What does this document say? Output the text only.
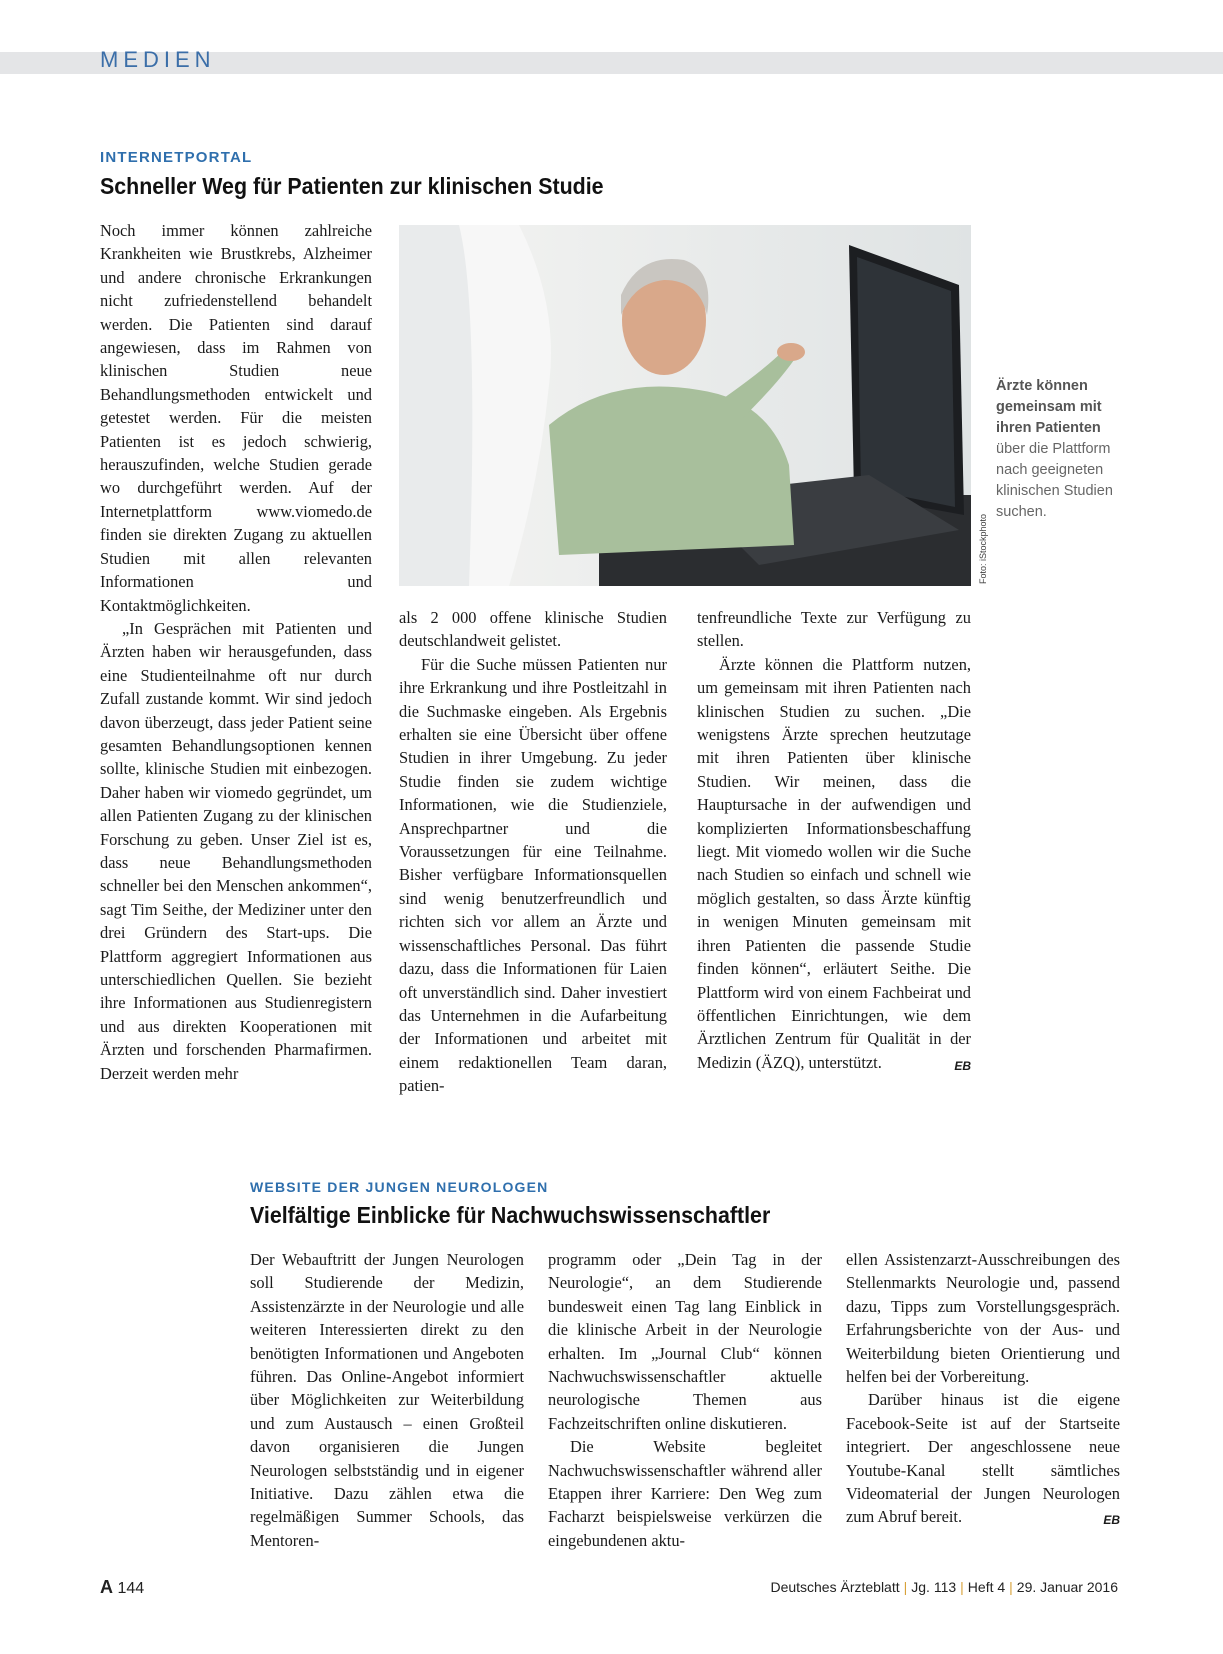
MEDIEN
INTERNETPORTAL
Schneller Weg für Patienten zur klinischen Studie

Noch immer können zahlreiche Krankheiten wie Brustkrebs, Alzheimer und andere chronische Erkrankungen nicht zufriedenstellend behandelt werden. Die Patienten sind darauf angewiesen, dass im Rahmen von klinischen Studien neue Behandlungsmethoden entwickelt und getestet werden. Für die meisten Patienten ist es jedoch schwierig, herauszufinden, welche Studien gerade wo durchgeführt werden. Auf der Internetplattform www.viomedo.de finden sie direkten Zugang zu aktuellen Studien mit allen relevanten Informationen und Kontaktmöglichkeiten.

„In Gesprächen mit Patienten und Ärzten haben wir herausgefunden, dass eine Studienteilnahme oft nur durch Zufall zustande kommt. Wir sind jedoch davon überzeugt, dass jeder Patient seine gesamten Behandlungsoptionen kennen sollte, klinische Studien mit einbezogen. Daher haben wir viomedo gegründet, um allen Patienten Zugang zu der klinischen Forschung zu geben. Unser Ziel ist es, dass neue Behandlungsmethoden schneller bei den Menschen ankommen“, sagt Tim Seithe, der Mediziner unter den drei Gründern des Start-ups. Die Plattform aggregiert Informationen aus unterschiedlichen Quellen. Sie bezieht ihre Informationen aus Studienregistern und aus direkten Kooperationen mit Ärzten und forschenden Pharmafirmen. Derzeit werden mehr

Foto: iStockphoto
Ärzte können gemeinsam mit ihren Patienten über die Plattform nach geeigneten klinischen Studien suchen.

als 2 000 offene klinische Studien deutschlandweit gelistet.

Für die Suche müssen Patienten nur ihre Erkrankung und ihre Postleitzahl in die Suchmaske eingeben. Als Ergebnis erhalten sie eine Übersicht über offene Studien in ihrer Umgebung. Zu jeder Studie finden sie zudem wichtige Informationen, wie die Studienziele, Ansprechpartner und die Voraussetzungen für eine Teilnahme. Bisher verfügbare Informationsquellen sind wenig benutzerfreundlich und richten sich vor allem an Ärzte und wissenschaftliches Personal. Das führt dazu, dass die Informationen für Laien oft unverständlich sind. Daher investiert das Unternehmen in die Aufarbeitung der Informationen und arbeitet mit einem redaktionellen Team daran, patien-

tenfreundliche Texte zur Verfügung zu stellen.

Ärzte können die Plattform nutzen, um gemeinsam mit ihren Patienten nach klinischen Studien zu suchen. „Die wenigstens Ärzte sprechen heutzutage mit ihren Patienten über klinische Studien. Wir meinen, dass die Hauptursache in der aufwendigen und komplizierten Informationsbeschaffung liegt. Mit viomedo wollen wir die Suche nach Studien so einfach und schnell wie möglich gestalten, so dass Ärzte künftig in wenigen Minuten gemeinsam mit ihren Patienten die passende Studie finden können“, erläutert Seithe. Die Plattform wird von einem Fachbeirat und öffentlichen Einrichtungen, wie dem Ärztlichen Zentrum für Qualität in der Medizin (ÄZQ), unterstützt.	EB

WEBSITE DER JUNGEN NEUROLOGEN
Vielfältige Einblicke für Nachwuchswissenschaftler

Der Webauftritt der Jungen Neurologen soll Studierende der Medizin, Assistenzärzte in der Neurologie und alle weiteren Interessierten direkt zu den benötigten Informationen und Angeboten führen. Das Online-Angebot informiert über Möglichkeiten zur Weiterbildung und zum Austausch – einen Großteil davon organisieren die Jungen Neurologen selbstständig und in eigener Initiative. Dazu zählen etwa die regelmäßigen Summer Schools, das Mentoren-

programm oder „Dein Tag in der Neurologie“, an dem Studierende bundesweit einen Tag lang Einblick in die klinische Arbeit in der Neurologie erhalten. Im „Journal Club“ können Nachwuchswissenschaftler aktuelle neurologische Themen aus Fachzeitschriften online diskutieren.

Die Website begleitet Nachwuchswissenschaftler während aller Etappen ihrer Karriere: Den Weg zum Facharzt beispielsweise verkürzen die eingebundenen aktu-

ellen Assistenzarzt-Ausschreibungen des Stellenmarkts Neurologie und, passend dazu, Tipps zum Vorstellungsgespräch. Erfahrungsberichte von der Aus- und Weiterbildung bieten Orientierung und helfen bei der Vorbereitung.

Darüber hinaus ist die eigene Facebook-Seite ist auf der Startseite integriert. Der angeschlossene neue Youtube-Kanal stellt sämtliches Videomaterial der Jungen Neurologen zum Abruf bereit.	EB

A 144	Deutsches Ärzteblatt | Jg. 113 | Heft 4 | 29. Januar 2016
